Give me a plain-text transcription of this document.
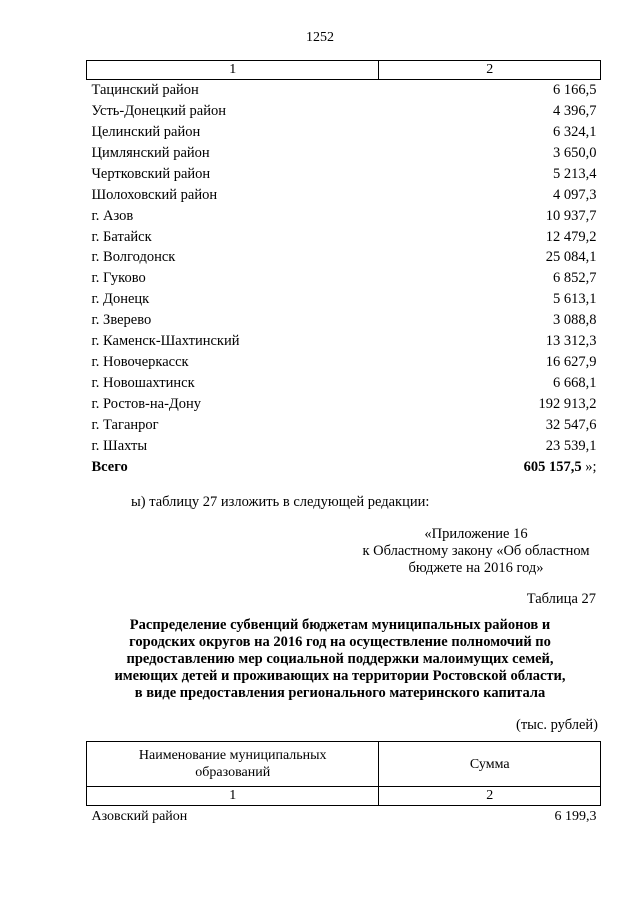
1252
1	2
Тацинский район	6 166,5
Усть-Донецкий район	4 396,7
Целинский район	6 324,1
Цимлянский район	3 650,0
Чертковский район	5 213,4
Шолоховский район	4 097,3
г. Азов	10 937,7
г. Батайск	12 479,2
г. Волгодонск	25 084,1
г. Гуково	6 852,7
г. Донецк	5 613,1
г. Зверево	3 088,8
г. Каменск-Шахтинский	13 312,3
г. Новочеркасск	16 627,9
г. Новошахтинск	6 668,1
г. Ростов-на-Дону	192 913,2
г. Таганрог	32 547,6
г. Шахты	23 539,1
Всего	605 157,5 »;
ы) таблицу 27 изложить в следующей редакции:
«Приложение 16
к Областному закону «Об областном
бюджете на 2016 год»
Таблица 27
Распределение субвенций бюджетам муниципальных районов и
городских округов на 2016 год на осуществление полномочий по
предоставлению мер социальной поддержки малоимущих семей,
имеющих детей и проживающих на территории Ростовской области,
в виде предоставления регионального материнского капитала
(тыс. рублей)
Наименование муниципальных
образований	Сумма
1	2
Азовский район	6 199,3
